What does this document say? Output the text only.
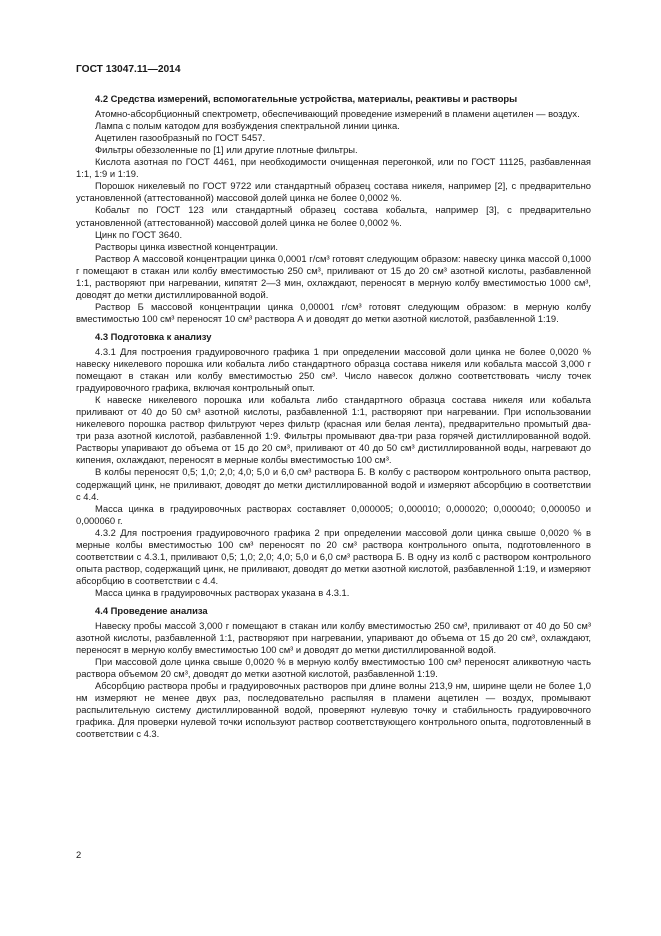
ГОСТ 13047.11—2014
4.2 Средства измерений, вспомогательные устройства, материалы, реактивы и растворы

Атомно-абсорбционный спектрометр, обеспечивающий проведение измерений в пламени ацетилен — воздух.

Лампа с полым катодом для возбуждения спектральной линии цинка.

Ацетилен газообразный по ГОСТ 5457.

Фильтры обеззоленные по [1] или другие плотные фильтры.

Кислота азотная по ГОСТ 4461, при необходимости очищенная перегонкой, или по ГОСТ 11125, разбавленная 1:1, 1:9 и 1:19.

Порошок никелевый по ГОСТ 9722 или стандартный образец состава никеля, например [2], с предварительно установленной (аттестованной) массовой долей цинка не более 0,0002 %.

Кобальт по ГОСТ 123 или стандартный образец состава кобальта, например [3], с предварительно установленной (аттестованной) массовой долей цинка не более 0,0002 %.

Цинк по ГОСТ 3640.

Растворы цинка известной концентрации.

Раствор А массовой концентрации цинка 0,0001 г/см³ готовят следующим образом: навеску цинка массой 0,1000 г помещают в стакан или колбу вместимостью 250 см³, приливают от 15 до 20 см³ азотной кислоты, разбавленной 1:1, растворяют при нагревании, кипятят 2—3 мин, охлаждают, переносят в мерную колбу вместимостью 1000 см³, доводят до метки дистиллированной водой.

Раствор Б массовой концентрации цинка 0,00001 г/см³ готовят следующим образом: в мерную колбу вместимостью 100 см³ переносят 10 см³ раствора А и доводят до метки азотной кислотой, разбавленной 1:19.

4.3 Подготовка к анализу

4.3.1 Для построения градуировочного графика 1 при определении массовой доли цинка не более 0,0020 % навеску никелевого порошка или кобальта либо стандартного образца состава никеля или кобальта массой 3,000 г помещают в стакан или колбу вместимостью 250 см³. Число навесок должно соответствовать числу точек градуировочного графика, включая контрольный опыт.

К навеске никелевого порошка или кобальта либо стандартного образца состава никеля или кобальта приливают от 40 до 50 см³ азотной кислоты, разбавленной 1:1, растворяют при нагревании. При использовании никелевого порошка раствор фильтруют через фильтр (красная или белая лента), предварительно промытый два-три раза азотной кислотой, разбавленной 1:9. Фильтры промывают два-три раза горячей дистиллированной водой. Растворы упаривают до объема от 15 до 20 см³, приливают от 40 до 50 см³ дистиллированной воды, нагревают до кипения, охлаждают, переносят в мерные колбы вместимостью 100 см³.

В колбы переносят 0,5; 1,0; 2,0; 4,0; 5,0 и 6,0 см³ раствора Б. В колбу с раствором контрольного опыта раствор, содержащий цинк, не приливают, доводят до метки дистиллированной водой и измеряют абсорбцию в соответствии с 4.4.

Масса цинка в градуировочных растворах составляет 0,000005; 0,000010; 0,000020; 0,000040; 0,000050 и 0,000060 г.

4.3.2 Для построения градуировочного графика 2 при определении массовой доли цинка свыше 0,0020 % в мерные колбы вместимостью 100 см³ переносят по 20 см³ раствора контрольного опыта, подготовленного в соответствии с 4.3.1, приливают 0,5; 1,0; 2,0; 4,0; 5,0 и 6,0 см³ раствора Б. В одну из колб с раствором контрольного опыта раствор, содержащий цинк, не приливают, доводят до метки азотной кислотой, разбавленной 1:19, и измеряют абсорбцию в соответствии с 4.4.

Масса цинка в градуировочных растворах указана в 4.3.1.

4.4 Проведение анализа

Навеску пробы массой 3,000 г помещают в стакан или колбу вместимостью 250 см³, приливают от 40 до 50 см³ азотной кислоты, разбавленной 1:1, растворяют при нагревании, упаривают до объема от 15 до 20 см³, охлаждают, переносят в мерную колбу вместимостью 100 см³ и доводят до метки дистиллированной водой.

При массовой доле цинка свыше 0,0020 % в мерную колбу вместимостью 100 см³ переносят аликвотную часть раствора объемом 20 см³, доводят до метки азотной кислотой, разбавленной 1:19.

Абсорбцию раствора пробы и градуировочных растворов при длине волны 213,9 нм, ширине щели не более 1,0 нм измеряют не менее двух раз, последовательно распыляя в пламени ацетилен — воздух, промывают распылительную систему дистиллированной водой, проверяют нулевую точку и стабильность градуировочного графика. Для проверки нулевой точки используют раствор соответствующего контрольного опыта, подготовленный в соответствии с 4.3.

2
